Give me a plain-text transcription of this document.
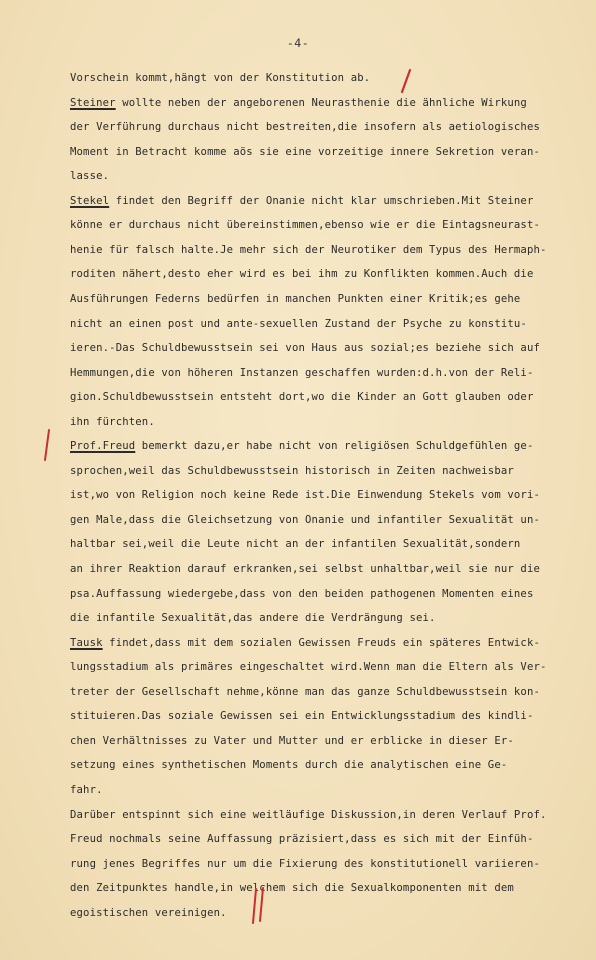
-4-
Vorschein kommt,hängt von der Konstitution ab.
Steiner wollte neben der angeborenen Neurasthenie die ähnliche Wirkung
der Verführung durchaus nicht bestreiten,die insofern als aetiologisches
Moment in Betracht komme aös sie eine vorzeitige innere Sekretion veran-
lasse.
Stekel findet den Begriff der Onanie nicht klar umschrieben.Mit Steiner
könne er durchaus nicht übereinstimmen,ebenso wie er die Eintagsneurast-
henie für falsch halte.Je mehr sich der Neurotiker dem Typus des Hermaph-
roditen nähert,desto eher wird es bei ihm zu Konflikten kommen.Auch die
Ausführungen Federns bedürfen in manchen Punkten einer Kritik;es gehe
nicht an einen post und ante-sexuellen Zustand der Psyche zu konstitu-
ieren.-Das Schuldbewusstsein sei von Haus aus sozial;es beziehe sich auf
Hemmungen,die von höheren Instanzen geschaffen wurden:d.h.von der Reli-
gion.Schuldbewusstsein entsteht dort,wo die Kinder an Gott glauben oder
ihn fürchten.
Prof.Freud bemerkt dazu,er habe nicht von religiösen Schuldgefühlen ge-
sprochen,weil das Schuldbewusstsein historisch in Zeiten nachweisbar
ist,wo von Religion noch keine Rede ist.Die Einwendung Stekels vom vori-
gen Male,dass die Gleichsetzung von Onanie und infantiler Sexualität un-
haltbar sei,weil die Leute nicht an der infantilen Sexualität,sondern
an ihrer Reaktion darauf erkranken,sei selbst unhaltbar,weil sie nur die
psa.Auffassung wiedergebe,dass von den beiden pathogenen Momenten eines
die infantile Sexualität,das andere die Verdrängung sei.
Tausk findet,dass mit dem sozialen Gewissen Freuds ein späteres Entwick-
lungsstadium als primäres eingeschaltet wird.Wenn man die Eltern als Ver-
treter der Gesellschaft nehme,könne man das ganze Schuldbewusstsein kon-
stituieren.Das soziale Gewissen sei ein Entwicklungsstadium des kindli-
chen Verhältnisses zu Vater und Mutter und er erblicke in dieser Er-
setzung eines synthetischen Moments durch die analytischen eine Ge-
fahr.
Darüber entspinnt sich eine weitläufige Diskussion,in deren Verlauf Prof.
Freud nochmals seine Auffassung präzisiert,dass es sich mit der Einfüh-
rung jenes Begriffes nur um die Fixierung des konstitutionell variieren-
den Zeitpunktes handle,in welchem sich die Sexualkomponenten mit dem
egoistischen vereinigen.
